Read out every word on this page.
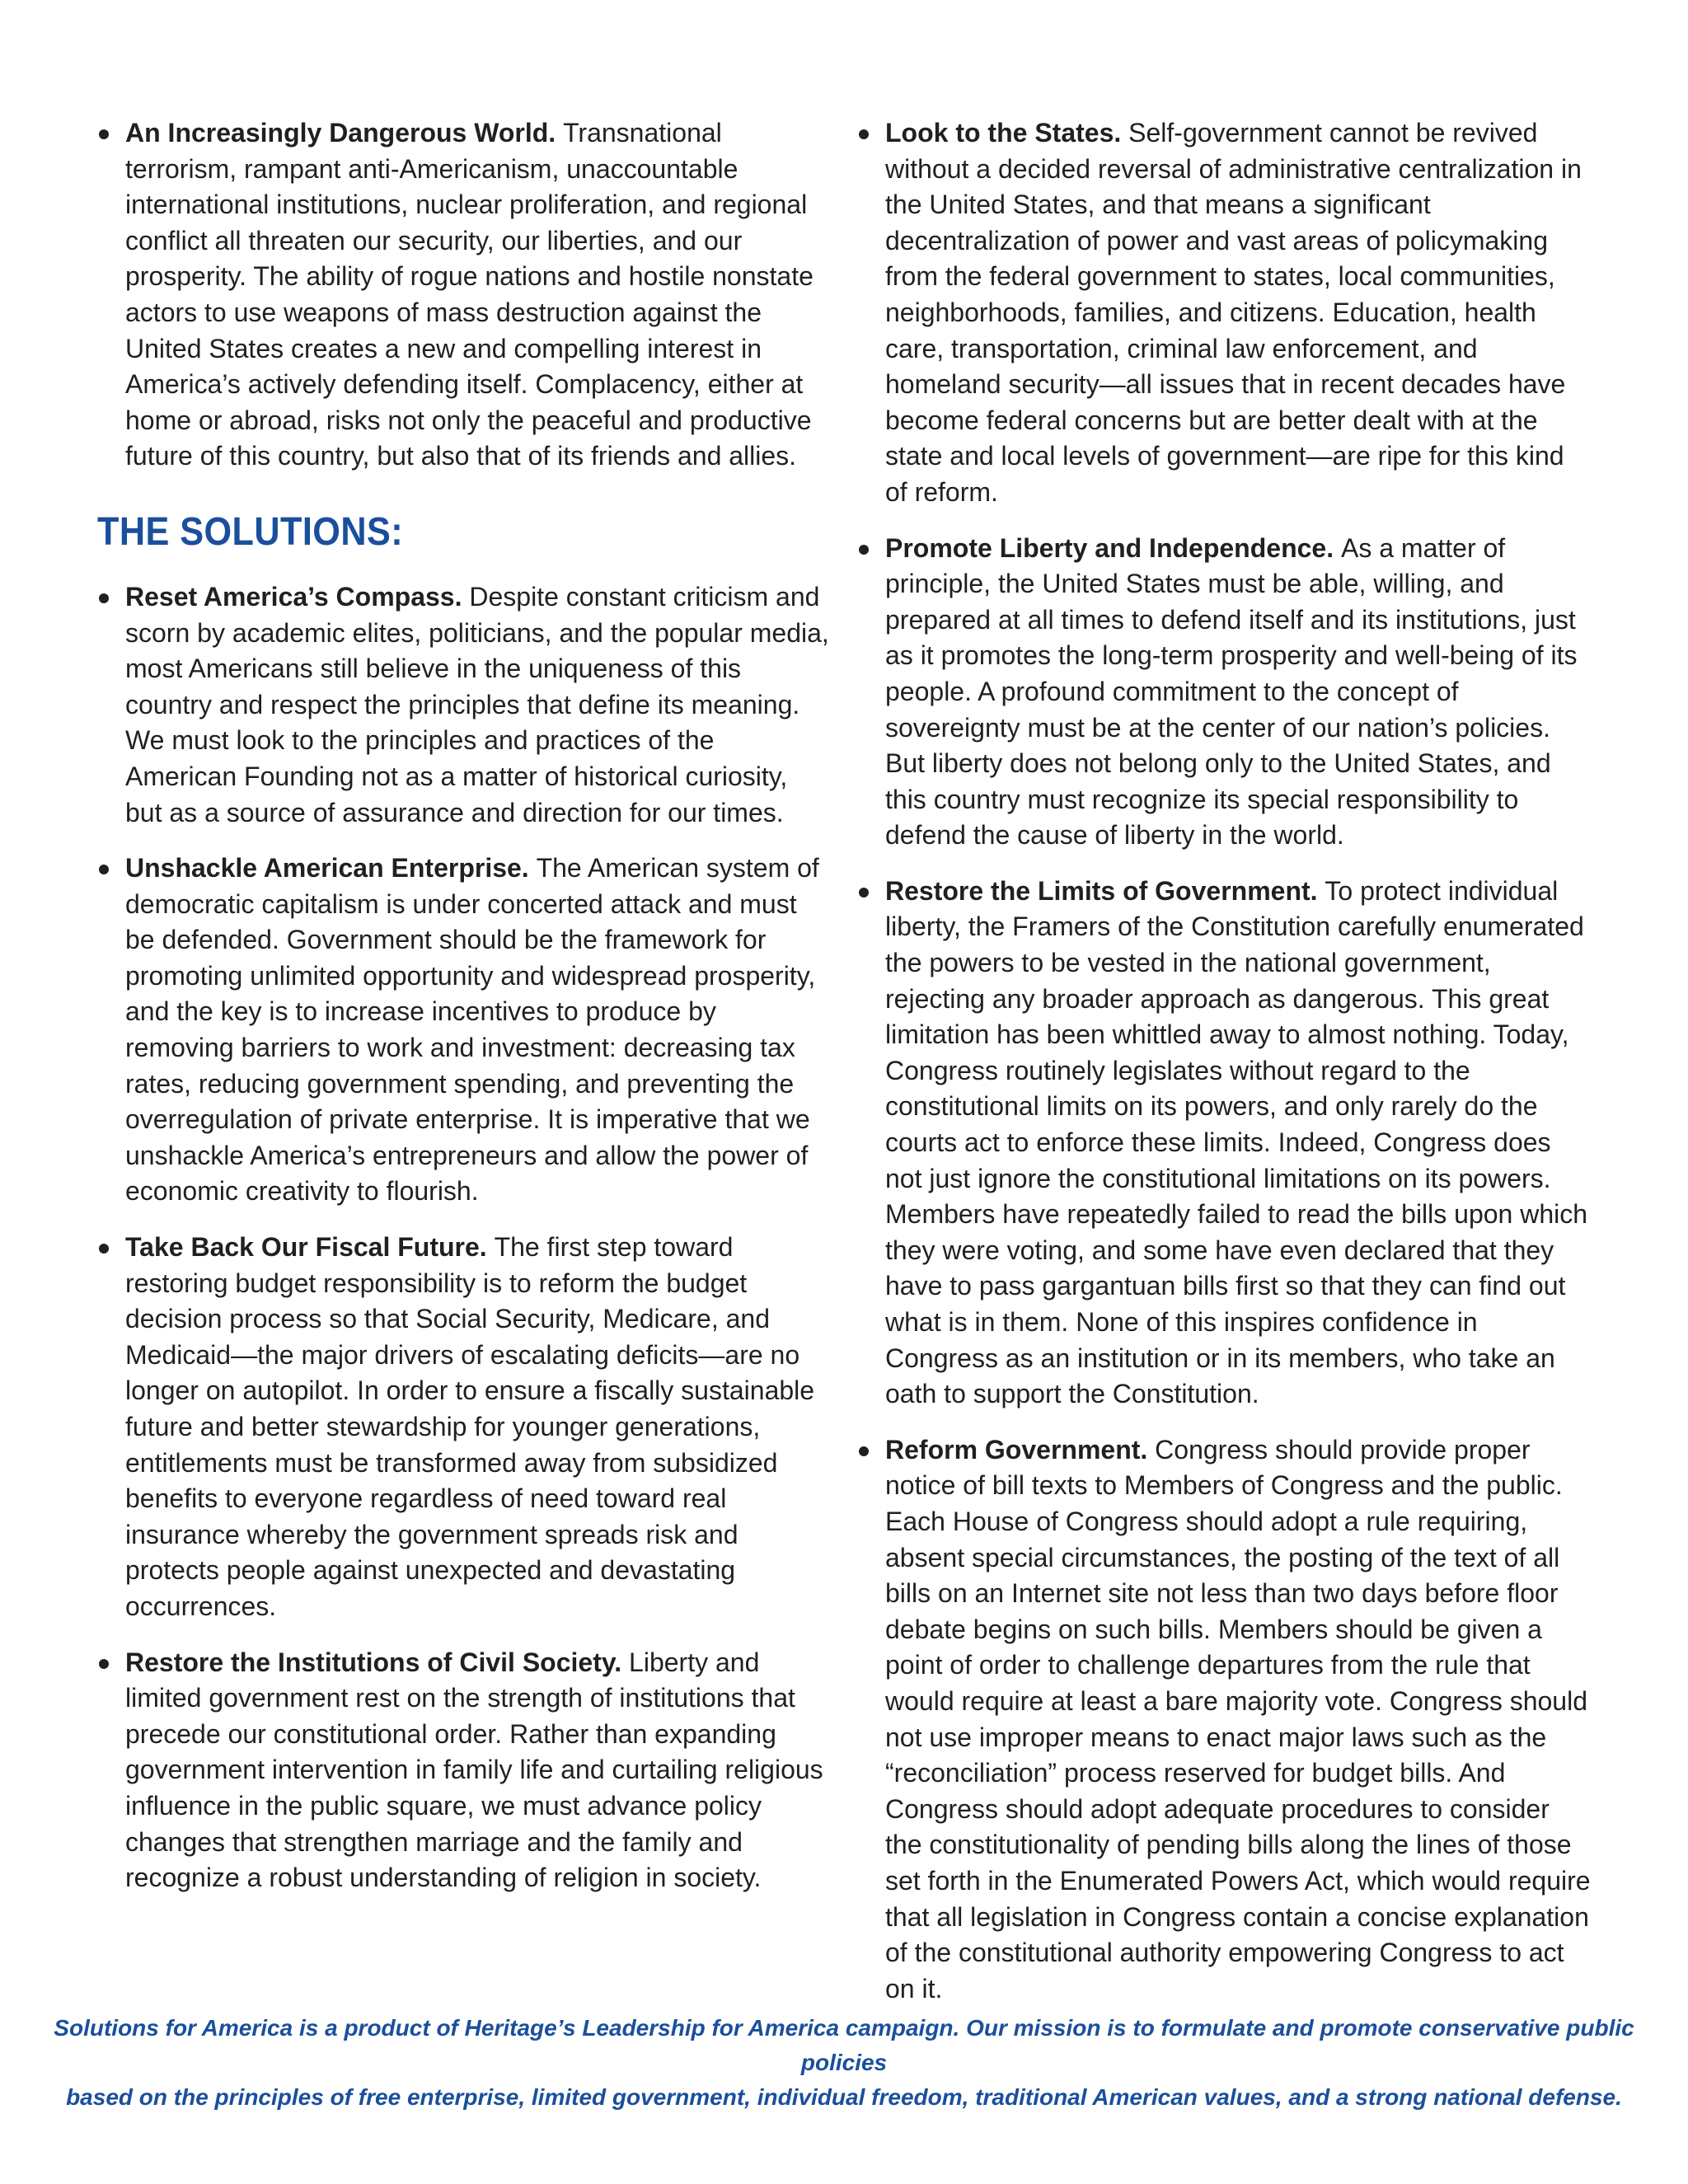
An Increasingly Dangerous World. Transnational terrorism, rampant anti-Americanism, unaccountable international institutions, nuclear proliferation, and regional conflict all threaten our security, our liberties, and our prosperity. The ability of rogue nations and hostile nonstate actors to use weapons of mass destruction against the United States creates a new and compelling interest in America’s actively defending itself. Complacency, either at home or abroad, risks not only the peaceful and productive future of this country, but also that of its friends and allies.
THE SOLUTIONS:
Reset America’s Compass. Despite constant criticism and scorn by academic elites, politicians, and the popular media, most Americans still believe in the uniqueness of this country and respect the principles that define its meaning. We must look to the principles and practices of the American Founding not as a matter of historical curiosity, but as a source of assurance and direction for our times.
Unshackle American Enterprise. The American system of democratic capitalism is under concerted attack and must be defended. Government should be the framework for promoting unlimited opportunity and widespread prosperity, and the key is to increase incentives to produce by removing barriers to work and investment: decreasing tax rates, reducing government spending, and preventing the overregulation of private enterprise. It is imperative that we unshackle America’s entrepreneurs and allow the power of economic creativity to flourish.
Take Back Our Fiscal Future. The first step toward restoring budget responsibility is to reform the budget decision process so that Social Security, Medicare, and Medicaid—the major drivers of escalating deficits—are no longer on autopilot. In order to ensure a fiscally sustainable future and better stewardship for younger generations, entitlements must be transformed away from subsidized benefits to everyone regardless of need toward real insurance whereby the government spreads risk and protects people against unexpected and devastating occurrences.
Restore the Institutions of Civil Society. Liberty and limited government rest on the strength of institutions that precede our constitutional order. Rather than expanding government intervention in family life and curtailing religious influence in the public square, we must advance policy changes that strengthen marriage and the family and recognize a robust understanding of religion in society.
Look to the States. Self-government cannot be revived without a decided reversal of administrative centralization in the United States, and that means a significant decentralization of power and vast areas of policymaking from the federal government to states, local communities, neighborhoods, families, and citizens. Education, health care, transportation, criminal law enforcement, and homeland security—all issues that in recent decades have become federal concerns but are better dealt with at the state and local levels of government—are ripe for this kind of reform.
Promote Liberty and Independence. As a matter of principle, the United States must be able, willing, and prepared at all times to defend itself and its institutions, just as it promotes the long-term prosperity and well-being of its people. A profound commitment to the concept of sovereignty must be at the center of our nation’s policies. But liberty does not belong only to the United States, and this country must recognize its special responsibility to defend the cause of liberty in the world.
Restore the Limits of Government. To protect individual liberty, the Framers of the Constitution carefully enumerated the powers to be vested in the national government, rejecting any broader approach as dangerous. This great limitation has been whittled away to almost nothing. Today, Congress routinely legislates without regard to the constitutional limits on its powers, and only rarely do the courts act to enforce these limits. Indeed, Congress does not just ignore the constitutional limitations on its powers. Members have repeatedly failed to read the bills upon which they were voting, and some have even declared that they have to pass gargantuan bills first so that they can find out what is in them. None of this inspires confidence in Congress as an institution or in its members, who take an oath to support the Constitution.
Reform Government. Congress should provide proper notice of bill texts to Members of Congress and the public. Each House of Congress should adopt a rule requiring, absent special circumstances, the posting of the text of all bills on an Internet site not less than two days before floor debate begins on such bills. Members should be given a point of order to challenge departures from the rule that would require at least a bare majority vote. Congress should not use improper means to enact major laws such as the “reconciliation” process reserved for budget bills. And Congress should adopt adequate procedures to consider the constitutionality of pending bills along the lines of those set forth in the Enumerated Powers Act, which would require that all legislation in Congress contain a concise explanation of the constitutional authority empowering Congress to act on it.
Solutions for America is a product of Heritage’s Leadership for America campaign. Our mission is to formulate and promote conservative public policies
based on the principles of free enterprise, limited government, individual freedom, traditional American values, and a strong national defense.
